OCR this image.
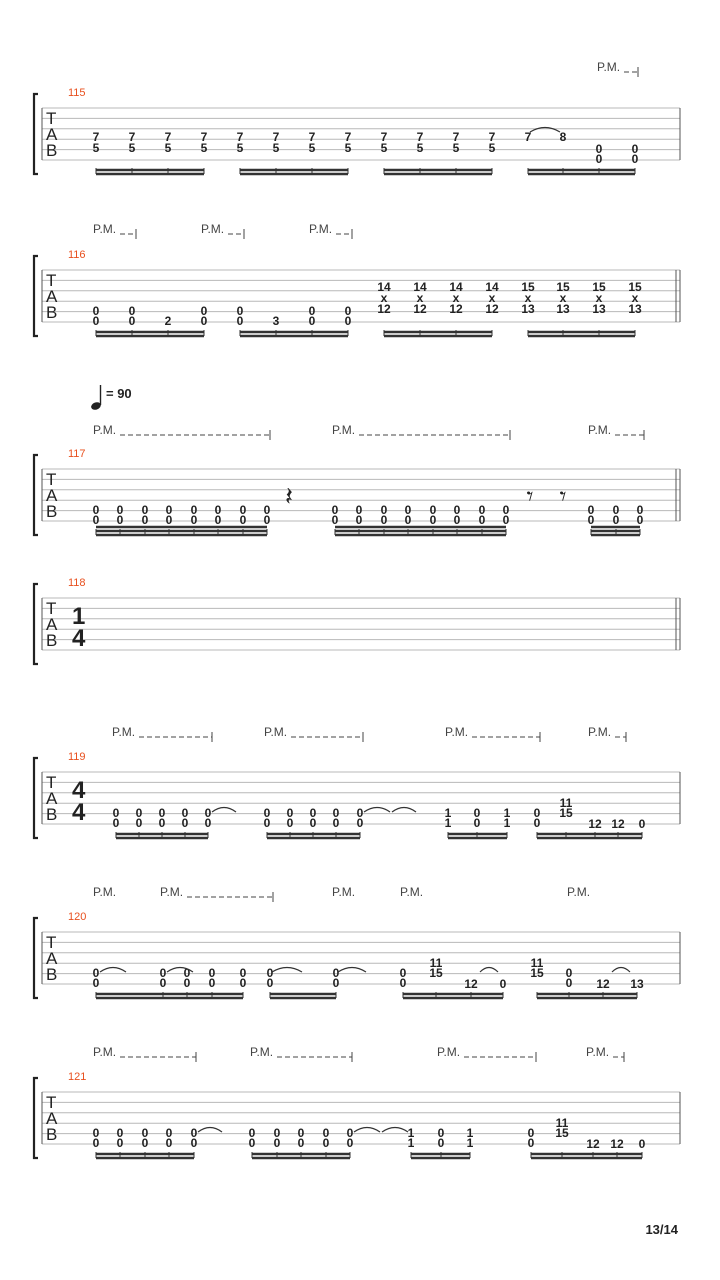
T
A
B
115
P.M.
7
5
7
5
7
5
7
5
7
5
7
5
7
5
7
5
7
5
7
5
7
5
7
5
7 8
0
0
0
0
T
A
B
116
P.M.	P.M.	P.M.
0
0
0
0 2
0
0
0
0 3
0
0
0
0
14
x
12
14
x
12
14
x
12
14
x
12
15
x
13
15
x
13
15
x
13
15
x
13
T
A
B
117
P.M.	P.M.	P.M.
0
0
0
0
0
0
0
0
0
0
0
0
0
0
0
0
0
0
0
0
0
0
0
0
0
0
0
0
0
0
0
0
0
0
0
0
0
0
𝄽	𝄾 𝄾
= 90
T
A
B
118
1
4
T
A
B
119
4
4
P.M.	P.M.	P.M.	P.M.
0
0
0
0
0
0
0
0
0
0
0
0
0
0
0
0
0
0
0
0
1
1
0
0
1
1
0
0
11
15
12 12 0
T
A
B
120
P.M.	P.M.	P.M.	P.M.	P.M.
0
0
0
0
0
0
0
0
0
0
0
0
0
0
0
0
11
15
12 0
11
15 0
0 12 13
T
A
B
121
P.M.	P.M.	P.M.	P.M.
0
0
0
0
0
0
0
0
0
0
0
0
0
0
0
0
0
0
0
0
1
1
0
0
1
1
0
0
11
15
12 12 0
13/14
